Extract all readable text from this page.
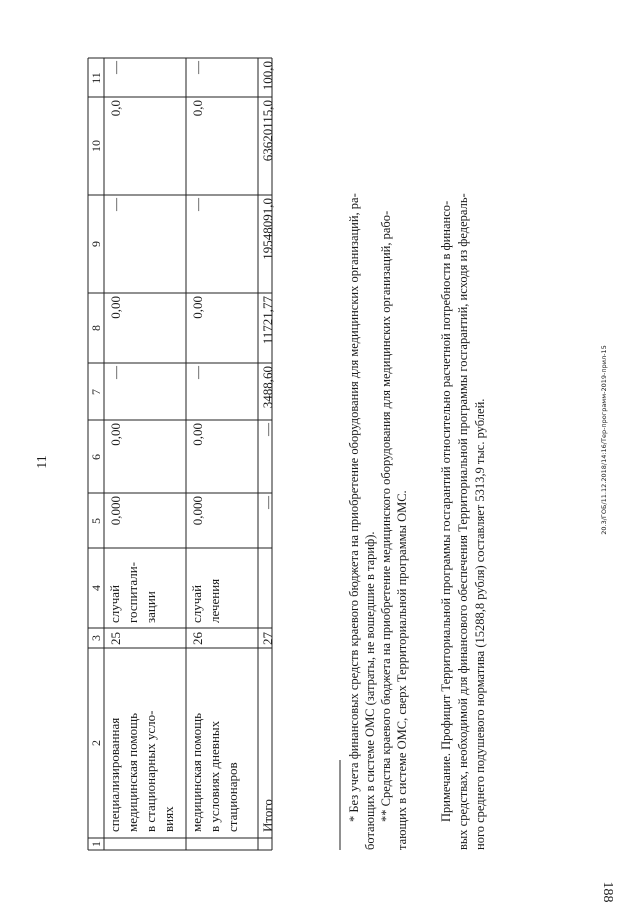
11
1
2
3
4
5
6
7
8
9
10
11
специализированная медицинская помощь в стационарных усло- виях
25
случай госпитали- зации
0,000
0,00
—
0,00
—
0,0
—
медицинская помощь в условиях дневных стационаров
26
случай лечения
0,000
0,00
—
0,00
—
0,0
—
Итого
27
—
—
3488,60
11721,77
19548091,0
63620115,0
100,0
* Без учета финансовых средств краевого бюджета на приобретение оборудования для медицинских организаций, ра- ботающих в системе ОМС (затраты, не вошедшие в тариф). ** Средства краевого бюджета на приобретение медицинского оборудования для медицинских организаций, рабо- тающих в системе ОМС, сверх Территориальной программы ОМС. Примечание. Профицит Территориальной программы госгарантий относительно расчетной потребности в финансо- вых средствах, необходимой для финансового обеспечения Территориальной программы госгарантий, исходя из федераль- ного среднего подушевого норматива (15288,8 рубля) составляет 5313,9 тыс. рублей.	20.3/ГОБ/11.12.2018/14:16/Тер-программ-2019-прил-15
188
